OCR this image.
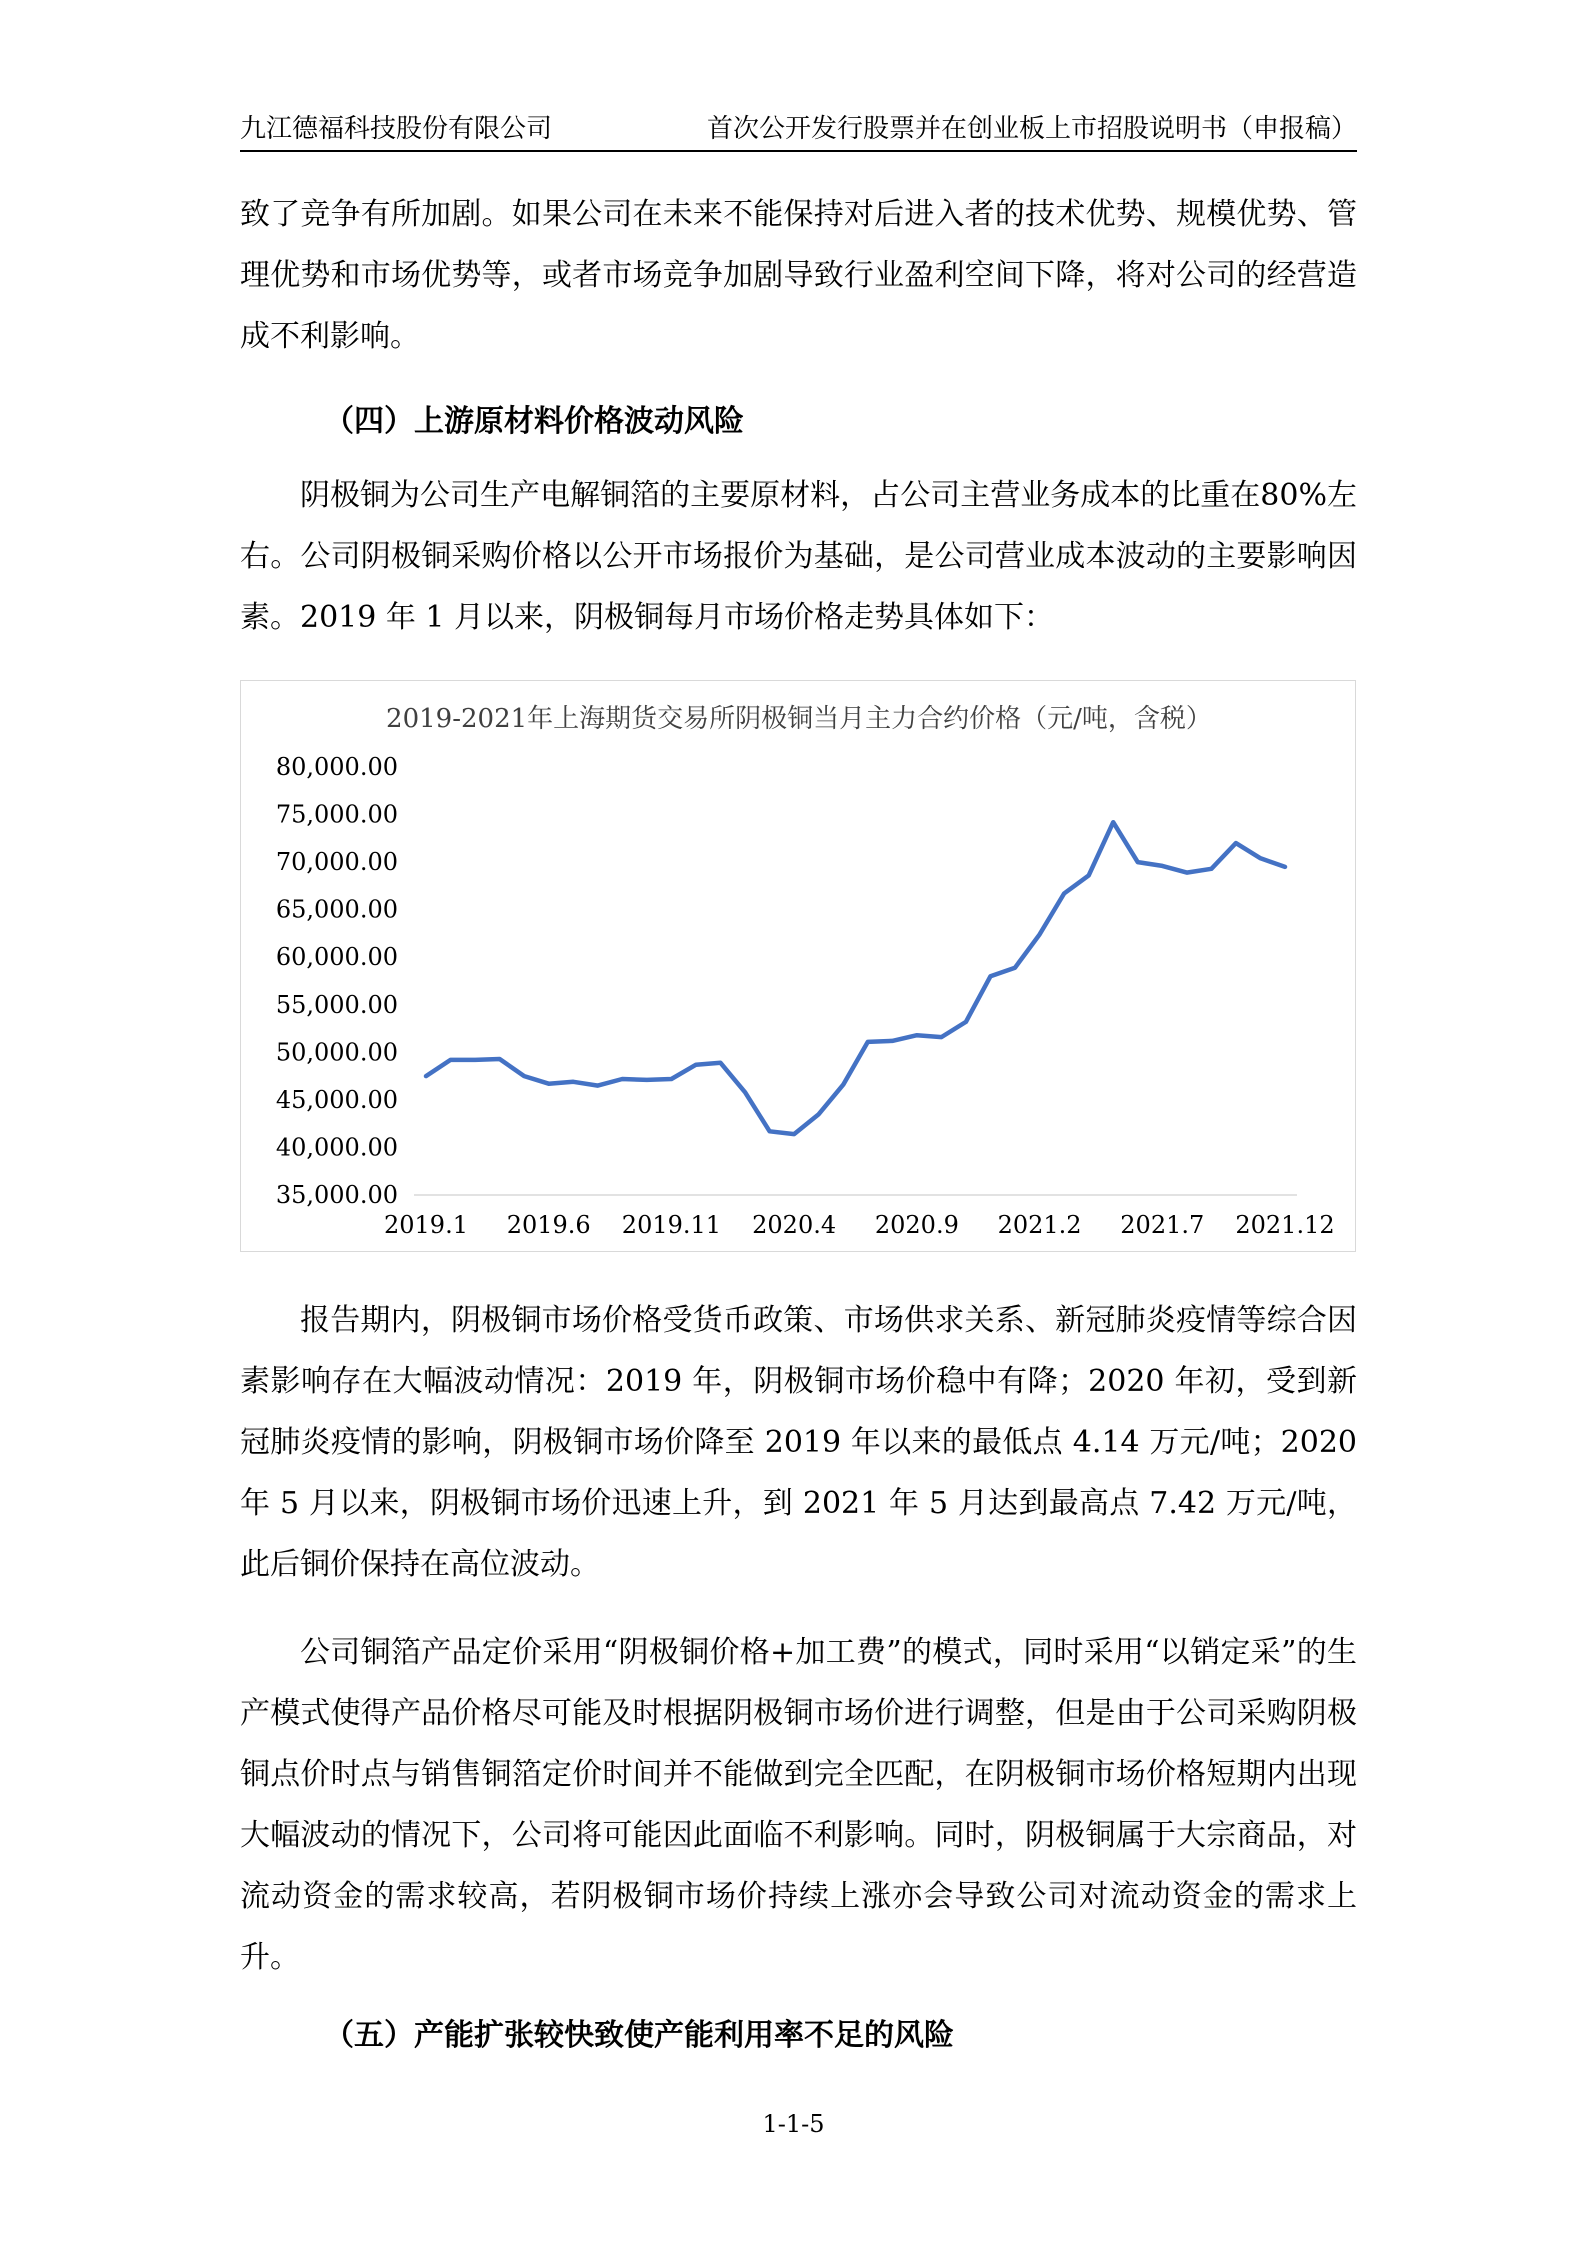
九江德福科技股份有限公司	首次公开发行股票并在创业板上市招股说明书（申报稿）

致了竞争有所加剧。如果公司在未来不能保持对后进入者的技术优势、规模优势、管理优势和市场优势等，或者市场竞争加剧导致行业盈利空间下降，将对公司的经营造成不利影响。

（四）上游原材料价格波动风险

阴极铜为公司生产电解铜箔的主要原材料，占公司主营业务成本的比重在80%左右。公司阴极铜采购价格以公开市场报价为基础，是公司营业成本波动的主要影响因素。2019 年 1 月以来，阴极铜每月市场价格走势具体如下：

2019-2021年上海期货交易所阴极铜当月主力合约价格（元/吨，含税）
35,000.00
40,000.00
45,000.00
50,000.00
55,000.00
60,000.00
65,000.00
70,000.00
75,000.00
80,000.00
2019.1 2019.6 2019.11 2020.4 2020.9 2021.2 2021.7 2021.12

报告期内，阴极铜市场价格受货币政策、市场供求关系、新冠肺炎疫情等综合因素影响存在大幅波动情况：2019 年，阴极铜市场价稳中有降；2020 年初，受到新冠肺炎疫情的影响，阴极铜市场价降至 2019 年以来的最低点 4.14 万元/吨；2020 年 5 月以来，阴极铜市场价迅速上升，到 2021 年 5 月达到最高点 7.42 万元/吨，此后铜价保持在高位波动。

公司铜箔产品定价采用“阴极铜价格+加工费”的模式，同时采用“以销定采”的生产模式使得产品价格尽可能及时根据阴极铜市场价进行调整，但是由于公司采购阴极铜点价时点与销售铜箔定价时间并不能做到完全匹配，在阴极铜市场价格短期内出现大幅波动的情况下，公司将可能因此面临不利影响。同时，阴极铜属于大宗商品，对流动资金的需求较高，若阴极铜市场价持续上涨亦会导致公司对流动资金的需求上升。

（五）产能扩张较快致使产能利用率不足的风险

1-1-5
